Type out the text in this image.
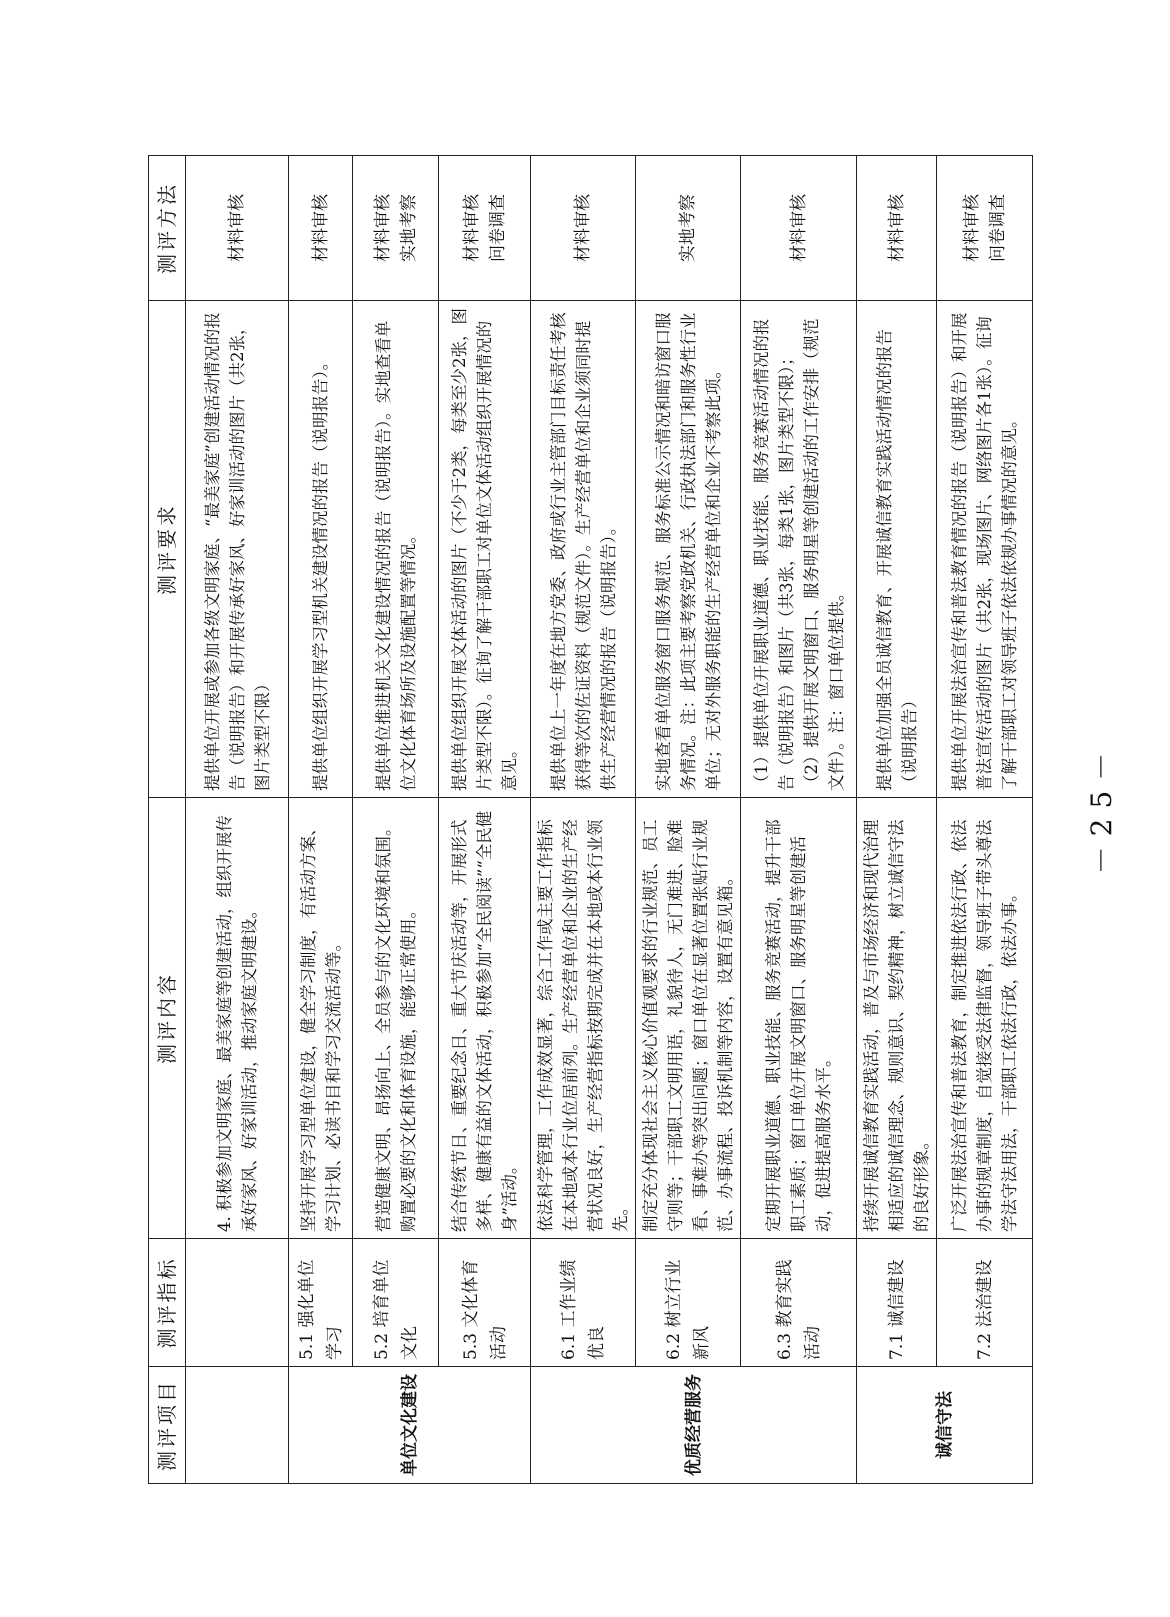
测评项目	测评指标	测评内容	测评要求	测评方法
		4. 积极参加文明家庭、最美家庭等创建活动，组织开展传承好家风、好家训活动，推动家庭文明建设。	提供单位开展或参加各级文明家庭、“最美家庭”创建活动情况的报告（说明报告）和开展传承好家风、好家训活动的图片（共2张，图片类型不限）	材料审核

单位文化建设	5.1 强化单位学习	坚持开展学习型单位建设，健全学习制度，有活动方案、学习计划、必读书目和学习交流活动等。	提供单位组织开展学习型机关建设情况的报告（说明报告）。	材料审核

	5.2 培育单位文化	营造健康文明、昂扬向上、全员参与的文化环境和氛围。购置必要的文化和体育设施，能够正常使用。	提供单位推进机关文化建设情况的报告（说明报告）。实地查看单位文化体育场所及设施配置等情况。	材料审核 实地考察

	5.3 文化体育活动	结合传统节日、重要纪念日、重大节庆活动等，开展形式多样、健康有益的文体活动，积极参加“全民阅读”“全民健身”活动。	提供单位组织开展文体活动的图片（不少于2类，每类至少2张，图片类型不限）。征询了解干部职工对单位文体活动组织开展情况的意见。	材料审核 问卷调查

优质经营服务	6.1 工作业绩优良	依法科学管理，工作成效显著，综合工作或主要工作指标在本地或本行业位居前列。生产经营单位和企业的生产经营状况良好，生产经营指标按期完成并在本地或本行业领先。	提供单位上一年度在地方党委、政府或行业主管部门目标责任考核获得等次的佐证资料（规范文件）。生产经营单位和企业须同时提供生产经营情况的报告（说明报告）。	材料审核

	6.2 树立行业新风	制定充分体现社会主义核心价值观要求的行业规范、员工守则等；干部职工文明用语，礼貌待人，无门难进、脸难看、事难办等突出问题；窗口单位在显著位置张贴行业规范、办事流程、投诉机制等内容，设置有意见箱。	实地查看单位服务窗口服务规范、服务标准公示情况和暗访窗口服务情况。注：此项主要考察党政机关、行政执法部门和服务性行业单位；无对外服务职能的生产经营单位和企业不考察此项。	实地考察

	6.3 教育实践活动	定期开展职业道德、职业技能、服务竞赛活动，提升干部职工素质；窗口单位开展文明窗口、服务明星等创建活动，促进提高服务水平。	（1）提供单位开展职业道德、职业技能、服务竞赛活动情况的报告（说明报告）和图片（共3张，每类1张，图片类型不限）； （2）提供开展文明窗口、服务明星等创建活动的工作安排（规范文件）。注：窗口单位提供。	材料审核

诚信守法	7.1 诚信建设	持续开展诚信教育实践活动，普及与市场经济和现代治理相适应的诚信理念、规则意识、契约精神，树立诚信守法的良好形象。	提供单位加强全员诚信教育、开展诚信教育实践活动情况的报告（说明报告）	材料审核

	7.2 法治建设	广泛开展法治宣传和普法教育，制定推进依法行政、依法办事的规章制度，自觉接受法律监督，领导班子带头尊法学法守法用法，干部职工依法行政，依法办事。	提供单位开展法治宣传和普法教育情况的报告（说明报告）和开展普法宣传活动的图片（共2张，现场图片、网络图片各1张）。征询了解干部职工对领导班子依法依规办事情况的意见。	材料审核 问卷调查
－25－
